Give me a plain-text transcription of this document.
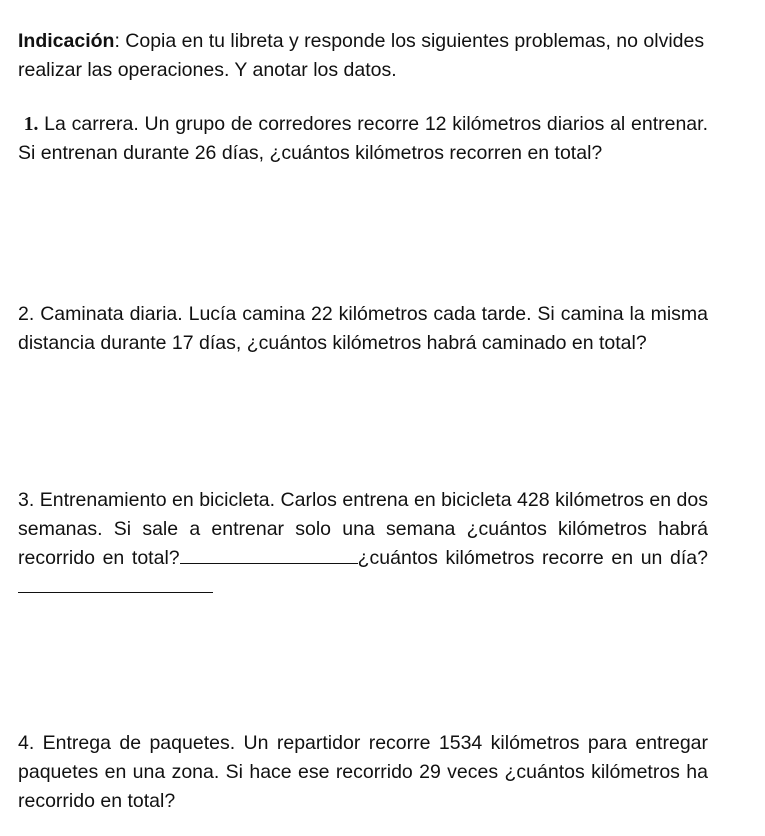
Indicación: Copia en tu libreta y responde los siguientes problemas, no olvides realizar las operaciones. Y anotar los datos.
1. La carrera. Un grupo de corredores recorre 12 kilómetros diarios al entrenar. Si entrenan durante 26 días, ¿cuántos kilómetros recorren en total?
2. Caminata diaria. Lucía camina 22 kilómetros cada tarde. Si camina la misma distancia durante 17 días, ¿cuántos kilómetros habrá caminado en total?
3. Entrenamiento en bicicleta. Carlos entrena en bicicleta 428 kilómetros en dos semanas. Si sale a entrenar solo una semana ¿cuántos kilómetros habrá recorrido en total?	¿cuántos kilómetros recorre en un día?
4. Entrega de paquetes. Un repartidor recorre 1534 kilómetros para entregar paquetes en una zona. Si hace ese recorrido 29 veces ¿cuántos kilómetros ha recorrido en total?
